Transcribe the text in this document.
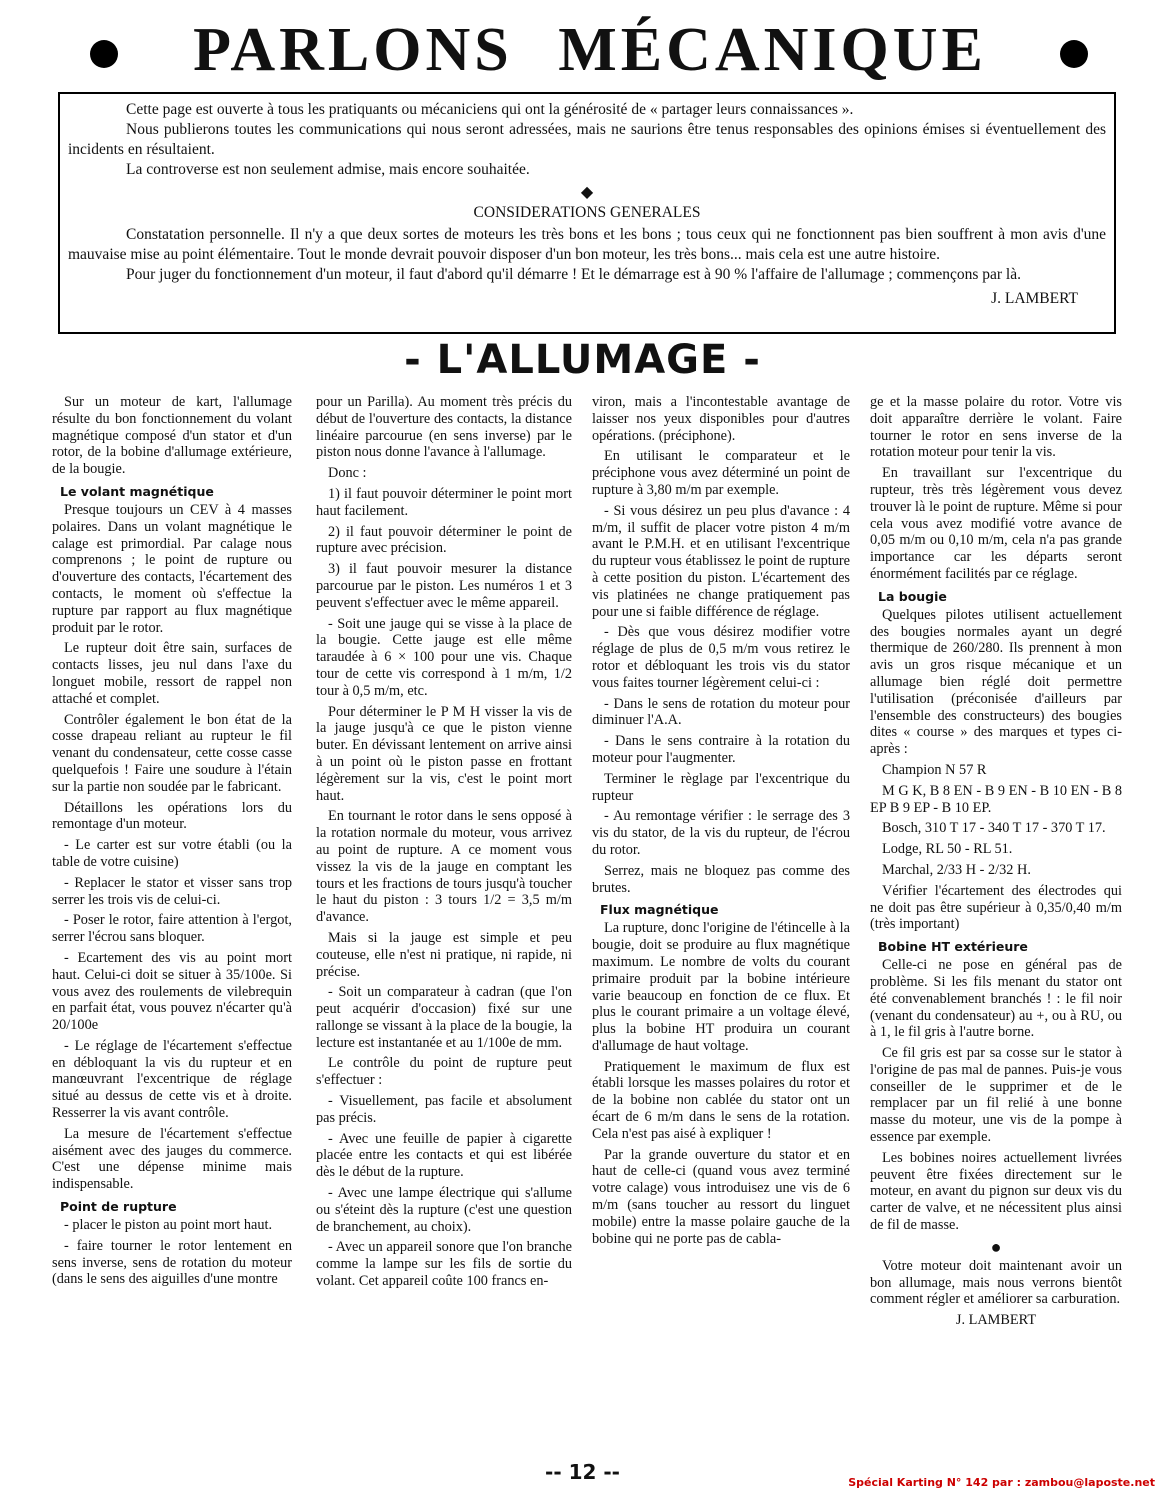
PARLONS MÉCANIQUE

Cette page est ouverte à tous les pratiquants ou mécaniciens qui ont la générosité de « partager leurs connaissances ».

Nous publierons toutes les communications qui nous seront adressées, mais ne saurions être tenus responsables des opinions émises si éventuellement des incidents en résultaient.

La controverse est non seulement admise, mais encore souhaitée.

◆

CONSIDERATIONS GENERALES

Constatation personnelle. Il n'y a que deux sortes de moteurs les très bons et les bons ; tous ceux qui ne fonctionnent pas bien souffrent à mon avis d'une mauvaise mise au point élémentaire. Tout le monde devrait pouvoir disposer d'un bon moteur, les très bons... mais cela est une autre histoire.

Pour juger du fonctionnement d'un moteur, il faut d'abord qu'il démarre ! Et le démarrage est à 90 % l'affaire de l'allumage ; commençons par là.

J. LAMBERT

- L'ALLUMAGE -

Sur un moteur de kart, l'allumage résulte du bon fonctionnement du volant magnétique composé d'un stator et d'un rotor, de la bobine d'allumage extérieure, de la bougie.

Le volant magnétique

Presque toujours un CEV à 4 masses polaires. Dans un volant magnétique le calage est primordial. Par calage nous comprenons ; le point de rupture ou d'ouverture des contacts, l'écartement des contacts, le moment où s'effectue la rupture par rapport au flux magnétique produit par le rotor.

Le rupteur doit être sain, surfaces de contacts lisses, jeu nul dans l'axe du longuet mobile, ressort de rappel non attaché et complet.

Contrôler également le bon état de la cosse drapeau reliant au rupteur le fil venant du condensateur, cette cosse casse quelquefois ! Faire une soudure à l'étain sur la partie non soudée par le fabricant.

Détaillons les opérations lors du remontage d'un moteur.

- Le carter est sur votre établi (ou la table de votre cuisine)

- Replacer le stator et visser sans trop serrer les trois vis de celui-ci.

- Poser le rotor, faire attention à l'ergot, serrer l'écrou sans bloquer.

- Ecartement des vis au point mort haut. Celui-ci doit se situer à 35/100e. Si vous avez des roulements de vilebrequin en parfait état, vous pouvez n'écarter qu'à 20/100e

- Le réglage de l'écartement s'effectue en débloquant la vis du rupteur et en manœuvrant l'excentrique de réglage situé au dessus de cette vis et à droite. Resserrer la vis avant contrôle.

La mesure de l'écartement s'effectue aisément avec des jauges du commerce. C'est une dépense minime mais indispensable.

Point de rupture

- placer le piston au point mort haut.

- faire tourner le rotor lentement en sens inverse, sens de rotation du moteur (dans le sens des aiguilles d'une montre

pour un Parilla). Au moment très précis du début de l'ouverture des contacts, la distance linéaire parcourue (en sens inverse) par le piston nous donne l'avance à l'allumage.

Donc :

1) il faut pouvoir déterminer le point mort haut facilement.

2) il faut pouvoir déterminer le point de rupture avec précision.

3) il faut pouvoir mesurer la distance parcourue par le piston. Les numéros 1 et 3 peuvent s'effectuer avec le même appareil.

- Soit une jauge qui se visse à la place de la bougie. Cette jauge est elle même taraudée à 6 × 100 pour une vis. Chaque tour de cette vis correspond à 1 m/m, 1/2 tour à 0,5 m/m, etc.

Pour déterminer le P M H visser la vis de la jauge jusqu'à ce que le piston vienne buter. En dévissant lentement on arrive ainsi à un point où le piston passe en frottant légèrement sur la vis, c'est le point mort haut.

En tournant le rotor dans le sens opposé à la rotation normale du moteur, vous arrivez au point de rupture. A ce moment vous vissez la vis de la jauge en comptant les tours et les fractions de tours jusqu'à toucher le haut du piston : 3 tours 1/2 = 3,5 m/m d'avance.

Mais si la jauge est simple et peu couteuse, elle n'est ni pratique, ni rapide, ni précise.

- Soit un comparateur à cadran (que l'on peut acquérir d'occasion) fixé sur une rallonge se vissant à la place de la bougie, la lecture est instantanée et au 1/100e de mm.

Le contrôle du point de rupture peut s'effectuer :

- Visuellement, pas facile et absolument pas précis.

- Avec une feuille de papier à cigarette placée entre les contacts et qui est libérée dès le début de la rupture.

- Avec une lampe électrique qui s'allume ou s'éteint dès la rupture (c'est une question de branchement, au choix).

- Avec un appareil sonore que l'on branche comme la lampe sur les fils de sortie du volant. Cet appareil coûte 100 francs en-

viron, mais a l'incontestable avantage de laisser nos yeux disponibles pour d'autres opérations. (préciphone).

En utilisant le comparateur et le préciphone vous avez déterminé un point de rupture à 3,80 m/m par exemple.

- Si vous désirez un peu plus d'avance : 4 m/m, il suffit de placer votre piston 4 m/m avant le P.M.H. et en utilisant l'excentrique du rupteur vous établissez le point de rupture à cette position du piston. L'écartement des vis platinées ne change pratiquement pas pour une si faible différence de réglage.

- Dès que vous désirez modifier votre réglage de plus de 0,5 m/m vous retirez le rotor et débloquant les trois vis du stator vous faites tourner légèrement celui-ci :

- Dans le sens de rotation du moteur pour diminuer l'A.A.

- Dans le sens contraire à la rotation du moteur pour l'augmenter.

Terminer le règlage par l'excentrique du rupteur

- Au remontage vérifier : le serrage des 3 vis du stator, de la vis du rupteur, de l'écrou du rotor.

Serrez, mais ne bloquez pas comme des brutes.

Flux magnétique

La rupture, donc l'origine de l'étincelle à la bougie, doit se produire au flux magnétique maximum. Le nombre de volts du courant primaire produit par la bobine intérieure varie beaucoup en fonction de ce flux. Et plus le courant primaire a un voltage élevé, plus la bobine HT produira un courant d'allumage de haut voltage.

Pratiquement le maximum de flux est établi lorsque les masses polaires du rotor et de la bobine non cablée du stator ont un écart de 6 m/m dans le sens de la rotation. Cela n'est pas aisé à expliquer !

Par la grande ouverture du stator et en haut de celle-ci (quand vous avez terminé votre calage) vous introduisez une vis de 6 m/m (sans toucher au ressort du linguet mobile) entre la masse polaire gauche de la bobine qui ne porte pas de cabla-

ge et la masse polaire du rotor. Votre vis doit apparaître derrière le volant. Faire tourner le rotor en sens inverse de la rotation moteur pour tenir la vis.

En travaillant sur l'excentrique du rupteur, très très légèrement vous devez trouver là le point de rupture. Même si pour cela vous avez modifié votre avance de 0,05 m/m ou 0,10 m/m, cela n'a pas grande importance car les départs seront énormément facilités par ce réglage.

La bougie

Quelques pilotes utilisent actuellement des bougies normales ayant un degré thermique de 260/280. Ils prennent à mon avis un gros risque mécanique et un allumage bien réglé doit permettre l'utilisation (préconisée d'ailleurs par l'ensemble des constructeurs) des bougies dites « course » des marques et types ci-après :

Champion N 57 R

M G K, B 8 EN - B 9 EN - B 10 EN - B 8 EP B 9 EP - B 10 EP.

Bosch, 310 T 17 - 340 T 17 - 370 T 17.

Lodge, RL 50 - RL 51.

Marchal, 2/33 H - 2/32 H.

Vérifier l'écartement des électrodes qui ne doit pas être supérieur à 0,35/0,40 m/m (très important)

Bobine HT extérieure

Celle-ci ne pose en général pas de problème. Si les fils menant du stator ont été convenablement branchés ! : le fil noir (venant du condensateur) au +, ou à RU, ou à 1, le fil gris à l'autre borne.

Ce fil gris est par sa cosse sur le stator à l'origine de pas mal de pannes. Puis-je vous conseiller de le supprimer et de le remplacer par un fil relié à une bonne masse du moteur, une vis de la pompe à essence par exemple.

Les bobines noires actuellement livrées peuvent être fixées directement sur le moteur, en avant du pignon sur deux vis du carter de valve, et ne nécessitent plus ainsi de fil de masse.

●

Votre moteur doit maintenant avoir un bon allumage, mais nous verrons bientôt comment régler et améliorer sa carburation.

J. LAMBERT

-- 12 --	Spécial Karting N° 142 par : zambou@laposte.net
